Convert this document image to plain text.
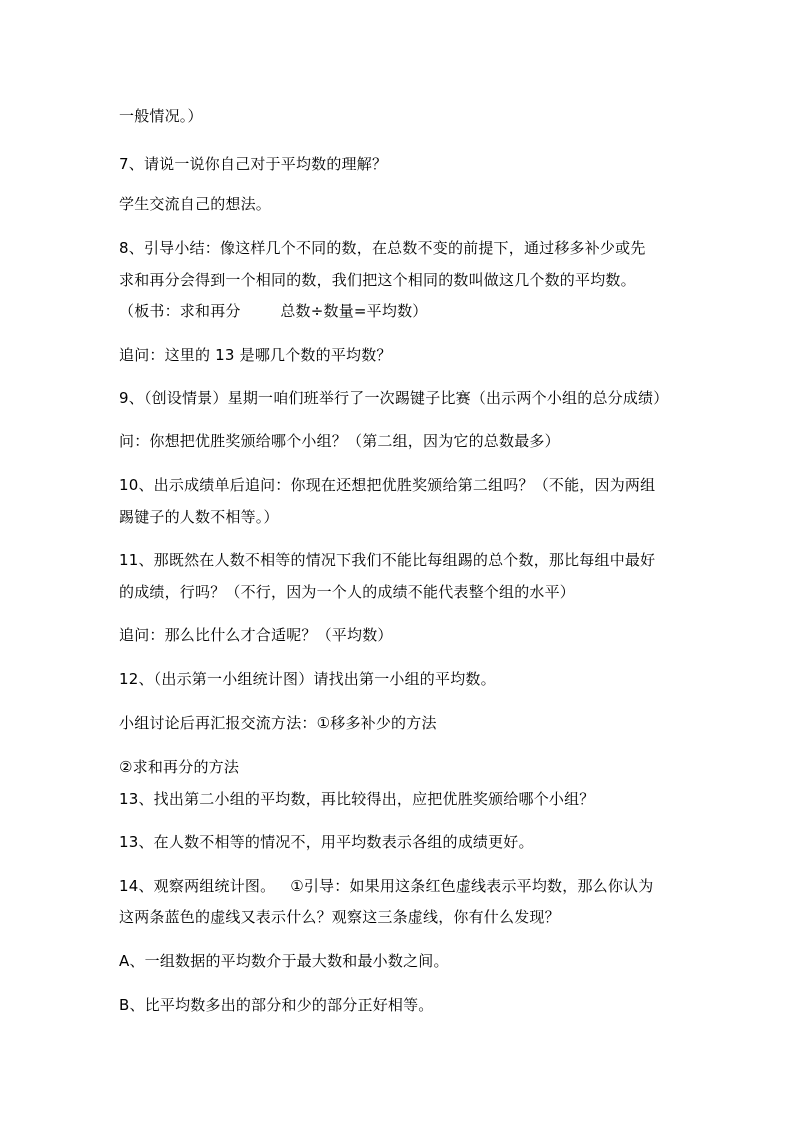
一般情况。）
7、请说一说你自己对于平均数的理解？
学生交流自己的想法。
8、引导小结：像这样几个不同的数，在总数不变的前提下，通过移多补少或先
求和再分会得到一个相同的数，我们把这个相同的数叫做这几个数的平均数。
（板书：求和再分        总数÷数量=平均数）
追问：这里的 13 是哪几个数的平均数？
9、（创设情景）星期一咱们班举行了一次踢键子比赛（出示两个小组的总分成绩）
问：你想把优胜奖颁给哪个小组？（第二组，因为它的总数最多）
10、出示成绩单后追问：你现在还想把优胜奖颁给第二组吗？（不能，因为两组
踢键子的人数不相等。）
11、那既然在人数不相等的情况下我们不能比每组踢的总个数，那比每组中最好
的成绩，行吗？（不行，因为一个人的成绩不能代表整个组的水平）
追问：那么比什么才合适呢？（平均数）
12、（出示第一小组统计图）请找出第一小组的平均数。
小组讨论后再汇报交流方法：①移多补少的方法
②求和再分的方法
13、找出第二小组的平均数，再比较得出，应把优胜奖颁给哪个小组？
13、在人数不相等的情况不，用平均数表示各组的成绩更好。
14、观察两组统计图。   ①引导：如果用这条红色虚线表示平均数，那么你认为
这两条蓝色的虚线又表示什么？观察这三条虚线，你有什么发现？
A、一组数据的平均数介于最大数和最小数之间。
B、比平均数多出的部分和少的部分正好相等。
